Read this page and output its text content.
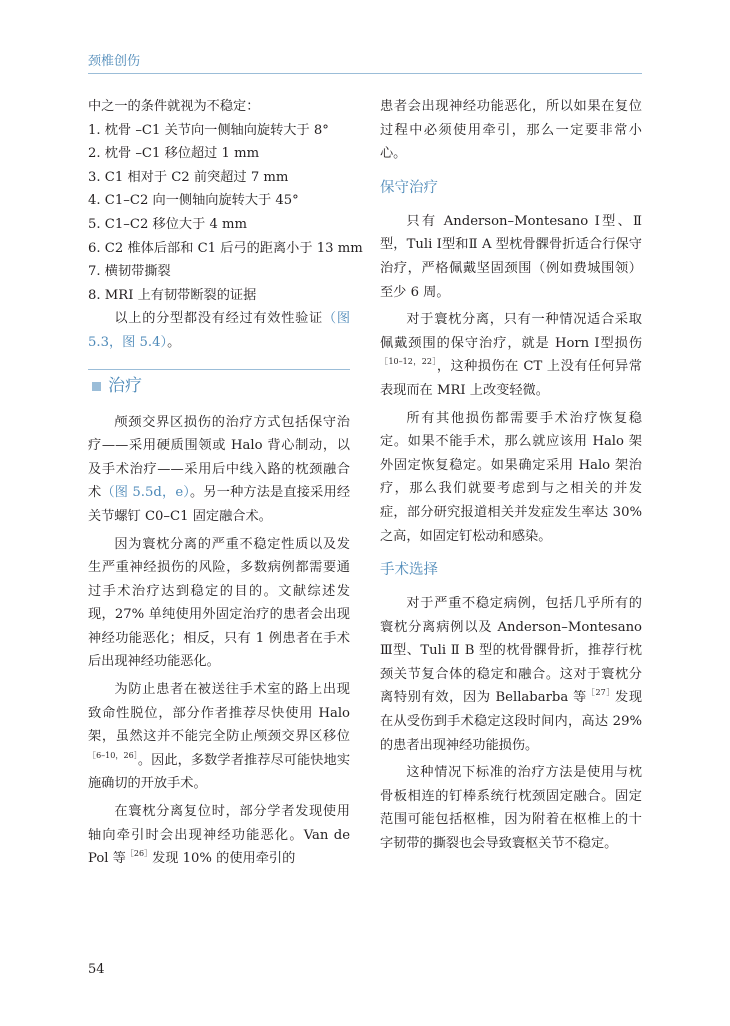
颈椎创伤

中之一的条件就视为不稳定：

1. 枕骨 –C1 关节向一侧轴向旋转大于 8°
2. 枕骨 –C1 移位超过 1 mm
3. C1 相对于 C2 前突超过 7 mm
4. C1–C2 向一侧轴向旋转大于 45°
5. C1–C2 移位大于 4 mm
6. C2 椎体后部和 C1 后弓的距离小于 13 mm
7. 横韧带撕裂
8. MRI 上有韧带断裂的证据

以上的分型都没有经过有效性验证（图 5.3，图 5.4）。

治疗

颅颈交界区损伤的治疗方式包括保守治疗——采用硬质围领或 Halo 背心制动，以及手术治疗——采用后中线入路的枕颈融合术（图 5.5d，e）。另一种方法是直接采用经关节螺钉 C0–C1 固定融合术。

因为寰枕分离的严重不稳定性质以及发生严重神经损伤的风险，多数病例都需要通过手术治疗达到稳定的目的。文献综述发现，27% 单纯使用外固定治疗的患者会出现神经功能恶化；相反，只有 1 例患者在手术后出现神经功能恶化。

为防止患者在被送往手术室的路上出现致命性脱位，部分作者推荐尽快使用 Halo 架，虽然这并不能完全防止颅颈交界区移位$^{[6-10,26]}$。因此，多数学者推荐尽可能快地实施确切的开放手术。

在寰枕分离复位时，部分学者发现使用轴向牵引时会出现神经功能恶化。Van de Pol 等$^{[26]}$发现 10% 的使用牵引的

患者会出现神经功能恶化，所以如果在复位过程中必须使用牵引，那么一定要非常小心。

保守治疗

只有 Anderson–Montesano Ⅰ型、Ⅱ型，Tuli Ⅰ型和Ⅱ A 型枕骨髁骨折适合行保守治疗，严格佩戴坚固颈围（例如费城围领）至少 6 周。

对于寰枕分离，只有一种情况适合采取佩戴颈围的保守治疗，就是 Horn Ⅰ型损伤$^{[10-12,22]}$，这种损伤在 CT 上没有任何异常表现而在 MRI 上改变轻微。

所有其他损伤都需要手术治疗恢复稳定。如果不能手术，那么就应该用 Halo 架外固定恢复稳定。如果确定采用 Halo 架治疗，那么我们就要考虑到与之相关的并发症，部分研究报道相关并发症发生率达 30% 之高，如固定钉松动和感染。

手术选择

对于严重不稳定病例，包括几乎所有的寰枕分离病例以及 Anderson–Montesano Ⅲ型、Tuli Ⅱ B 型的枕骨髁骨折，推荐行枕颈关节复合体的稳定和融合。这对于寰枕分离特别有效，因为 Bellabarba 等$^{[27]}$发现在从受伤到手术稳定这段时间内，高达 29% 的患者出现神经功能损伤。

这种情况下标准的治疗方法是使用与枕骨板相连的钉棒系统行枕颈固定融合。固定范围可能包括枢椎，因为附着在枢椎上的十字韧带的撕裂也会导致寰枢关节不稳定。

54
